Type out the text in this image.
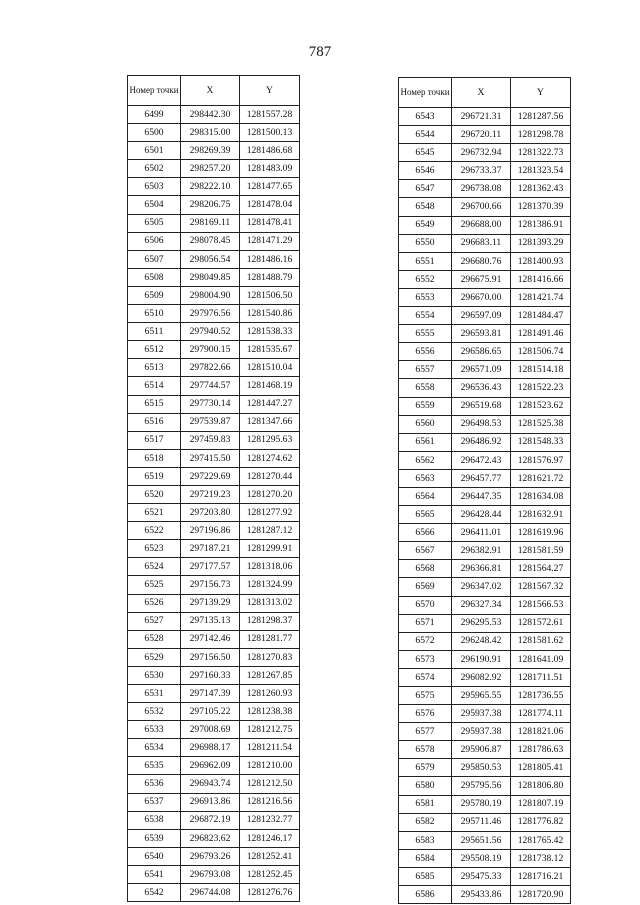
787
Номер точки	X	Y
6499	298442.30	1281557.28
6500	298315.00	1281500.13
6501	298269.39	1281486.68
6502	298257.20	1281483.09
6503	298222.10	1281477.65
6504	298206.75	1281478.04
6505	298169.11	1281478.41
6506	298078.45	1281471.29
6507	298056.54	1281486.16
6508	298049.85	1281488.79
6509	298004.90	1281506.50
6510	297976.56	1281540.86
6511	297940.52	1281538.33
6512	297900.15	1281535.67
6513	297822.66	1281510.04
6514	297744.57	1281468.19
6515	297730.14	1281447.27
6516	297539.87	1281347.66
6517	297459.83	1281295.63
6518	297415.50	1281274.62
6519	297229.69	1281270.44
6520	297219.23	1281270.20
6521	297203.80	1281277.92
6522	297196.86	1281287.12
6523	297187.21	1281299.91
6524	297177.57	1281318.06
6525	297156.73	1281324.99
6526	297139.29	1281313.02
6527	297135.13	1281298.37
6528	297142.46	1281281.77
6529	297156.50	1281270.83
6530	297160.33	1281267.85
6531	297147.39	1281260.93
6532	297105.22	1281238.38
6533	297008.69	1281212.75
6534	296988.17	1281211.54
6535	296962.09	1281210.00
6536	296943.74	1281212.50
6537	296913.86	1281216.56
6538	296872.19	1281232.77
6539	296823.62	1281246.17
6540	296793.26	1281252.41
6541	296793.08	1281252.45
6542	296744.08	1281276.76
Номер точки	X	Y
6543	296721.31	1281287.56
6544	296720.11	1281298.78
6545	296732.94	1281322.73
6546	296733.37	1281323.54
6547	296738.08	1281362.43
6548	296700.66	1281370.39
6549	296688.00	1281386.91
6550	296683.11	1281393.29
6551	296680.76	1281400.93
6552	296675.91	1281416.66
6553	296670.00	1281421.74
6554	296597.09	1281484.47
6555	296593.81	1281491.46
6556	296586.65	1281506.74
6557	296571.09	1281514.18
6558	296536.43	1281522.23
6559	296519.68	1281523.62
6560	296498.53	1281525.38
6561	296486.92	1281548.33
6562	296472.43	1281576.97
6563	296457.77	1281621.72
6564	296447.35	1281634.08
6565	296428.44	1281632.91
6566	296411.01	1281619.96
6567	296382.91	1281581.59
6568	296366.81	1281564.27
6569	296347.02	1281567.32
6570	296327.34	1281566.53
6571	296295.53	1281572.61
6572	296248.42	1281581.62
6573	296190.91	1281641.09
6574	296082.92	1281711.51
6575	295965.55	1281736.55
6576	295937.38	1281774.11
6577	295937.38	1281821.06
6578	295906.87	1281786.63
6579	295850.53	1281805.41
6580	295795.56	1281806.80
6581	295780.19	1281807.19
6582	295711.46	1281776.82
6583	295651.56	1281765.42
6584	295508.19	1281738.12
6585	295475.33	1281716.21
6586	295433.86	1281720.90
